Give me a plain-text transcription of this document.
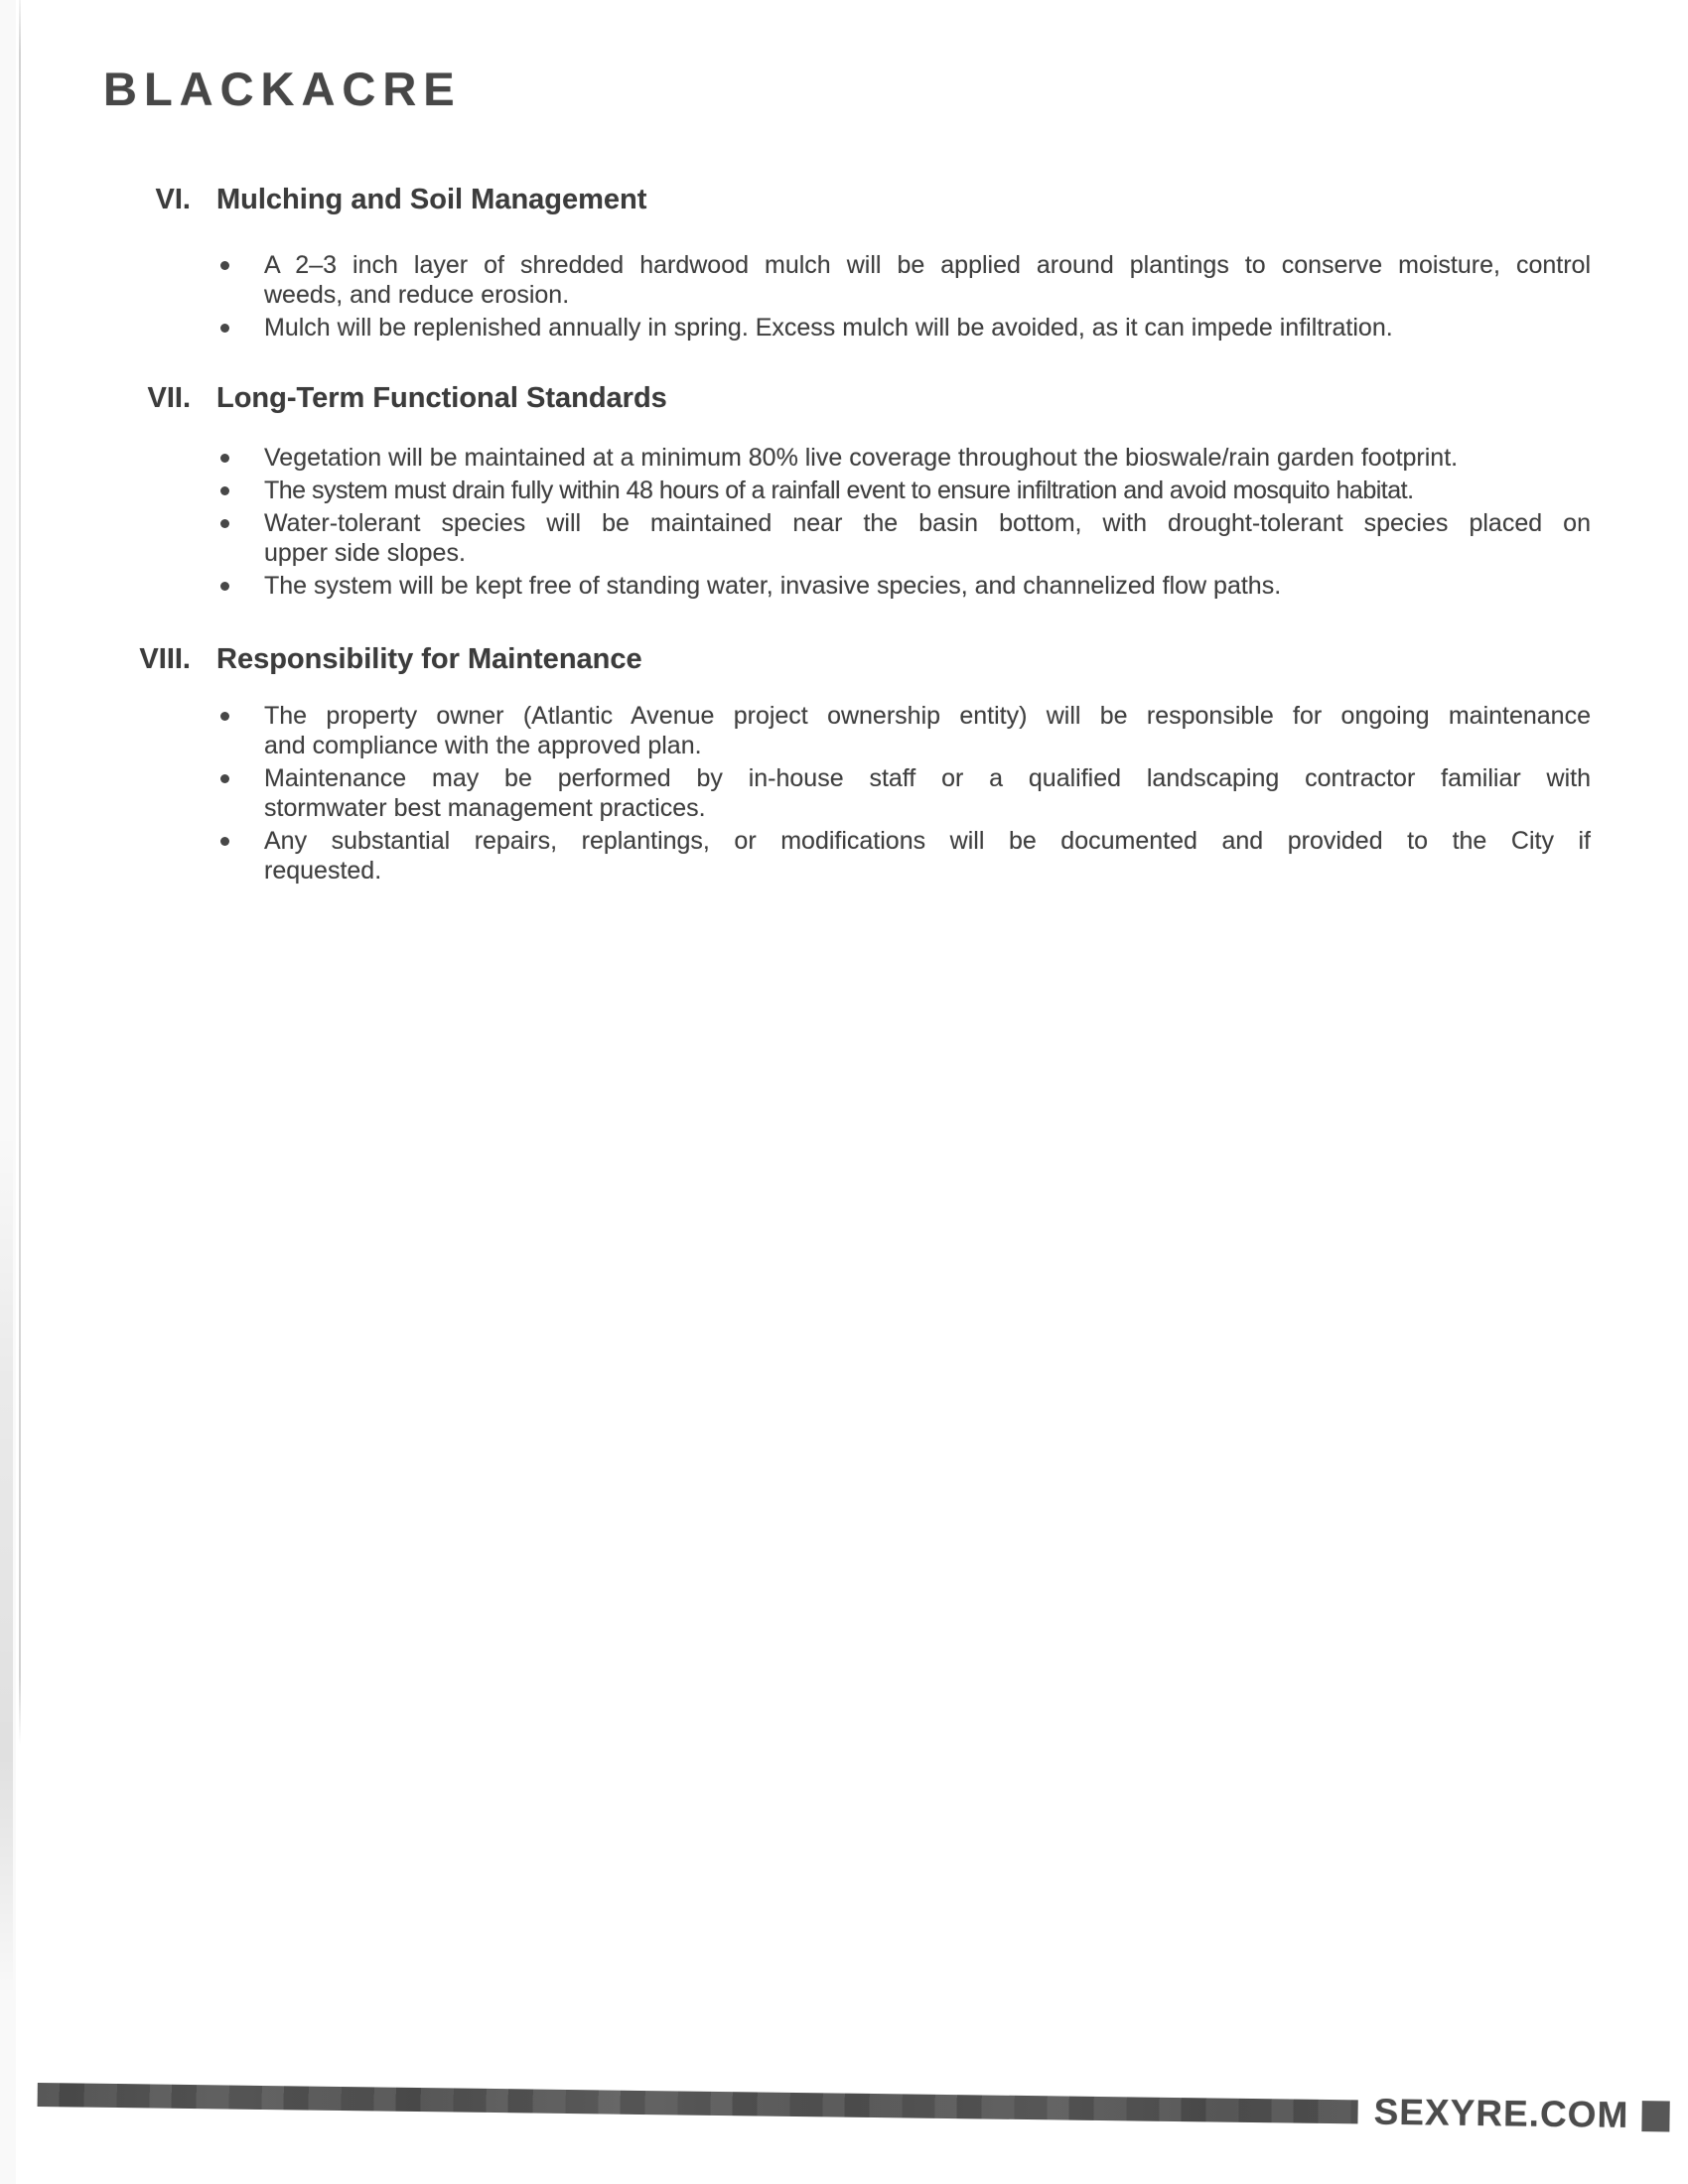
BLACKACRE
VI. Mulching and Soil Management
A 2–3 inch layer of shredded hardwood mulch will be applied around plantings to conserve moisture, control
weeds, and reduce erosion.
Mulch will be replenished annually in spring. Excess mulch will be avoided, as it can impede infiltration.
VII. Long-Term Functional Standards
Vegetation will be maintained at a minimum 80% live coverage throughout the bioswale/rain garden footprint.
The system must drain fully within 48 hours of a rainfall event to ensure infiltration and avoid mosquito habitat.
Water-tolerant species will be maintained near the basin bottom, with drought-tolerant species placed on
upper side slopes.
The system will be kept free of standing water, invasive species, and channelized flow paths.
VIII. Responsibility for Maintenance
The property owner (Atlantic Avenue project ownership entity) will be responsible for ongoing maintenance
and compliance with the approved plan.
Maintenance may be performed by in-house staff or a qualified landscaping contractor familiar with
stormwater best management practices.
Any substantial repairs, replantings, or modifications will be documented and provided to the City if
requested.
SEXYRE.COM
